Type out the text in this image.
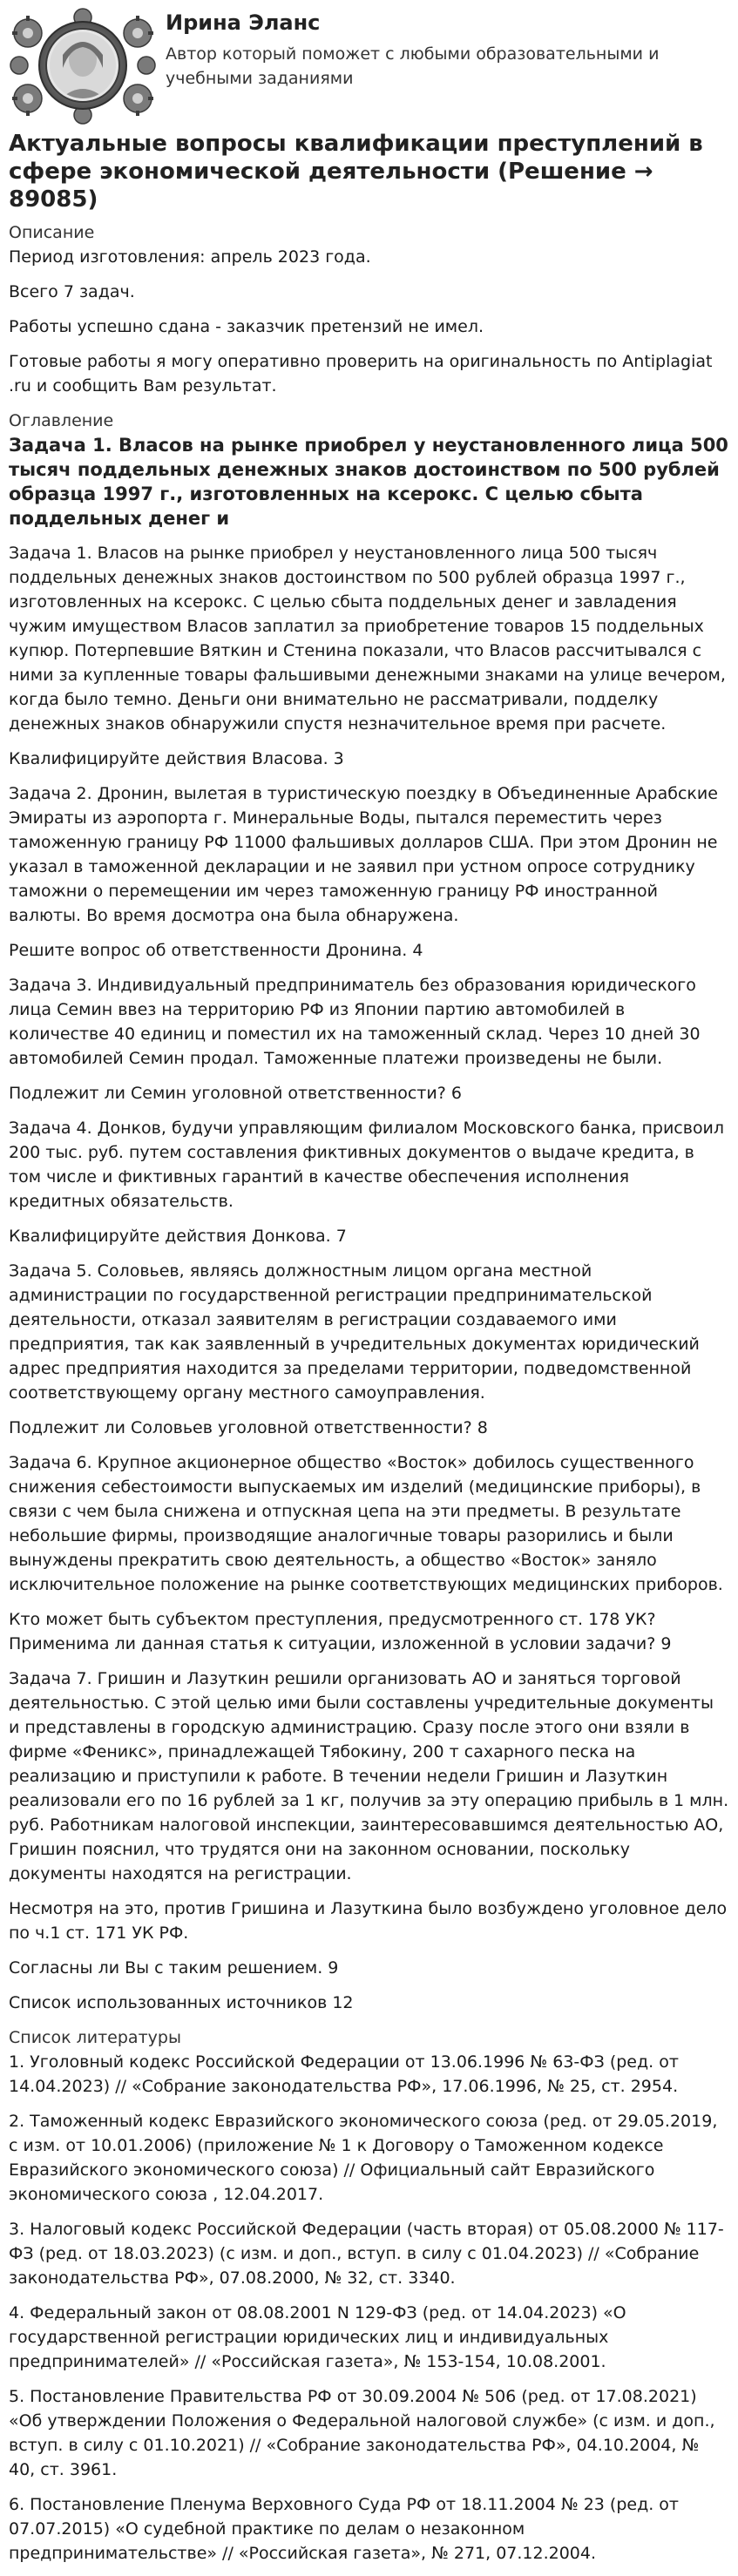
Ирина Эланс
Автор который поможет с любыми образовательными и учебными заданиями
Актуальные вопросы квалификации преступлений в сфере экономической деятельности (Решение → 89085)
Описание

Период изготовления: апрель 2023 года.

Всего 7 задач.

Работы успешно сдана - заказчик претензий не имел.

Готовые работы я могу оперативно проверить на оригинальность по Antiplagiat .ru и сообщить Вам результат.

Оглавление
Задача 1. Власов на рынке приобрел у неустановленного лица 500 тысяч поддельных денежных знаков достоинством по 500 рублей образца 1997 г., изготовленных на ксерокс. С целью сбыта поддельных денег и

Задача 1. Власов на рынке приобрел у неустановленного лица 500 тысяч поддельных денежных знаков достоинством по 500 рублей образца 1997 г., изготовленных на ксерокс. С целью сбыта поддельных денег и завладения чужим имуществом Власов заплатил за приобретение товаров 15 поддельных купюр. Потерпевшие Вяткин и Стенина показали, что Власов рассчитывался с ними за купленные товары фальшивыми денежными знаками на улице вечером, когда было темно. Деньги они внимательно не рассматривали, подделку денежных знаков обнаружили спустя незначительное время при расчете.

Квалифицируйте действия Власова. 3

Задача 2. Дронин, вылетая в туристическую поездку в Объединенные Арабские Эмираты из аэропорта г. Минеральные Воды, пытался переместить через таможенную границу РФ 11000 фальшивых долларов США. При этом Дронин не указал в таможенной декларации и не заявил при устном опросе сотруднику таможни о перемещении им через таможенную границу РФ иностранной валюты. Во время досмотра она была обнаружена.

Решите вопрос об ответственности Дронина. 4

Задача 3. Индивидуальный предприниматель без образования юридического лица Семин ввез на территорию РФ из Японии партию автомобилей в количестве 40 единиц и поместил их на таможенный склад. Через 10 дней 30 автомобилей Семин продал. Таможенные платежи произведены не были.

Подлежит ли Семин уголовной ответственности? 6

Задача 4. Донков, будучи управляющим филиалом Московского банка, присвоил 200 тыс. руб. путем составления фиктивных документов о выдаче кредита, в том числе и фиктивных гарантий в качестве обеспечения исполнения кредитных обязательств.

Квалифицируйте действия Донкова. 7

Задача 5. Соловьев, являясь должностным лицом органа местной администрации по государственной регистрации предпринимательской деятельности, отказал заявителям в регистрации создаваемого ими предприятия, так как заявленный в учредительных документах юридический адрес предприятия находится за пределами территории, подведомственной соответствующему органу местного самоуправления.

Подлежит ли Соловьев уголовной ответственности? 8

Задача 6. Крупное акционерное общество «Восток» добилось существенного снижения себестоимости выпускаемых им изделий (медицинские приборы), в связи с чем была снижена и отпускная цепа на эти предметы. В результате небольшие фирмы, производящие аналогичные товары разорились и были вынуждены прекратить свою деятельность, а общество «Восток» заняло исключительное положение на рынке соответствующих медицинских приборов.

Кто может быть субъектом преступления, предусмотренного ст. 178 УК? Применима ли данная статья к ситуации, изложенной в условии задачи? 9

Задача 7. Гришин и Лазуткин решили организовать АО и заняться торговой деятельностью. С этой целью ими были составлены учредительные документы и представлены в городскую администрацию. Сразу после этого они взяли в фирме «Феникс», принадлежащей Тябокину, 200 т сахарного песка на реализацию и приступили к работе. В течении недели Гришин и Лазуткин реализовали его по 16 рублей за 1 кг, получив за эту операцию прибыль в 1 млн. руб. Работникам налоговой инспекции, заинтересовавшимся деятельностью АО, Гришин пояснил, что трудятся они на законном основании, поскольку документы находятся на регистрации.

Несмотря на это, против Гришина и Лазуткина было возбуждено уголовное дело по ч.1 ст. 171 УК РФ.

Согласны ли Вы с таким решением. 9

Список использованных источников 12

Список литературы

1. Уголовный кодекс Российской Федерации от 13.06.1996 № 63-ФЗ (ред. от 14.04.2023) // «Собрание законодательства РФ», 17.06.1996, № 25, ст. 2954.

2. Таможенный кодекс Евразийского экономического союза (ред. от 29.05.2019, с изм. от 10.01.2006) (приложение № 1 к Договору о Таможенном кодексе Евразийского экономического союза) // Официальный сайт Евразийского экономического союза , 12.04.2017.

3. Налоговый кодекс Российской Федерации (часть вторая) от 05.08.2000 № 117-ФЗ (ред. от 18.03.2023) (с изм. и доп., вступ. в силу с 01.04.2023) // «Собрание законодательства РФ», 07.08.2000, № 32, ст. 3340.

4. Федеральный закон от 08.08.2001 N 129-ФЗ (ред. от 14.04.2023) «О государственной регистрации юридических лиц и индивидуальных предпринимателей» // «Российская газета», № 153-154, 10.08.2001.

5. Постановление Правительства РФ от 30.09.2004 № 506 (ред. от 17.08.2021) «Об утверждении Положения о Федеральной налоговой службе» (с изм. и доп., вступ. в силу с 01.10.2021) // «Собрание законодательства РФ», 04.10.2004, № 40, ст. 3961.

6. Постановление Пленума Верховного Суда РФ от 18.11.2004 № 23 (ред. от 07.07.2015) «О судебной практике по делам о незаконном предпринимательстве» // «Российская газета», № 271, 07.12.2004.
